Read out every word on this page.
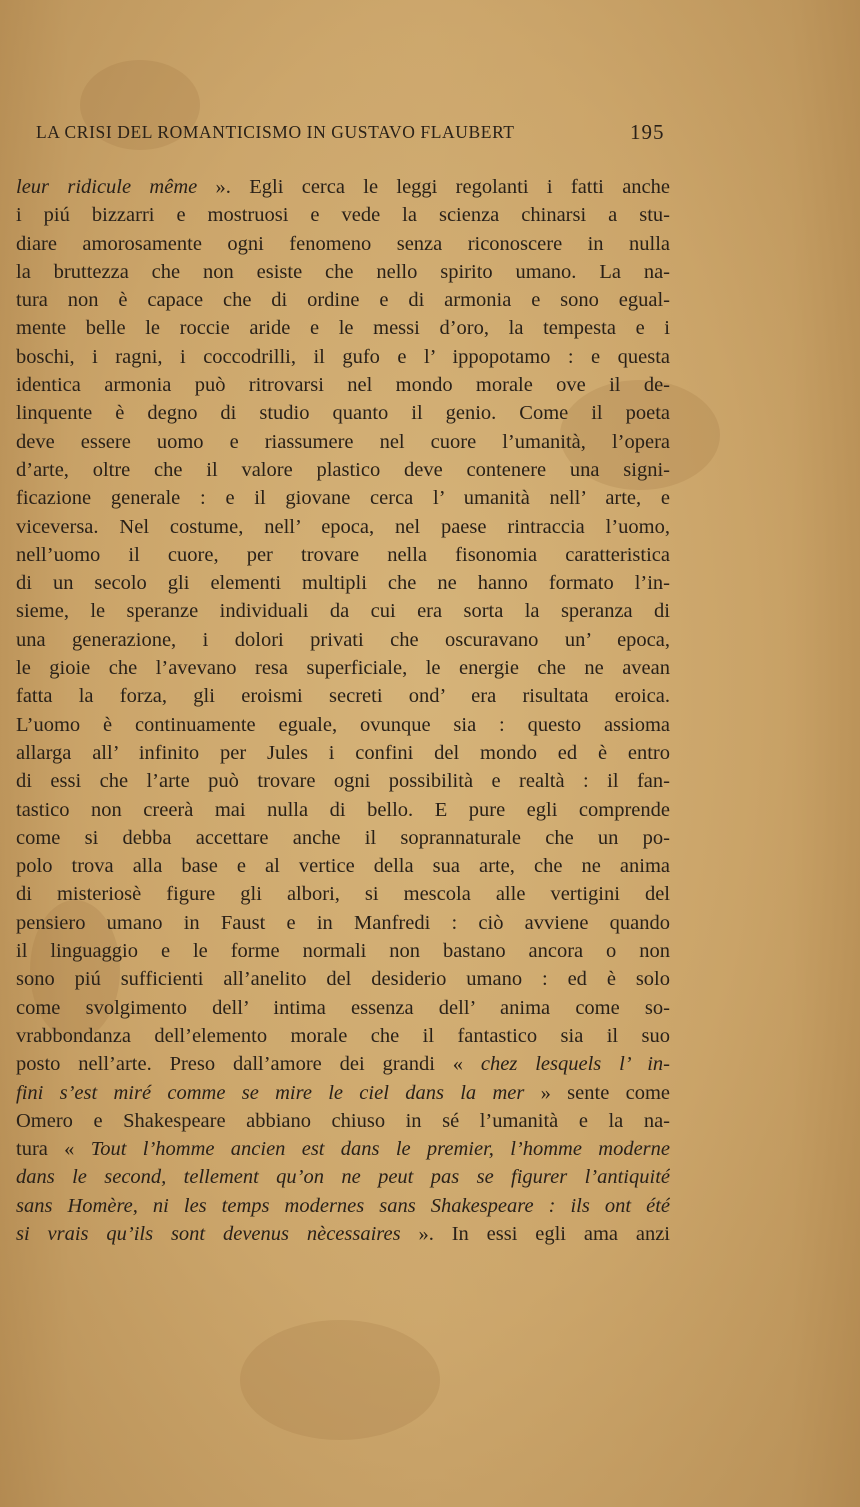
LA CRISI DEL ROMANTICISMO IN GUSTAVO FLAUBERT	195
leur ridicule même ». Egli cerca le leggi regolanti i fatti anche
i piú bizzarri e mostruosi e vede la scienza chinarsi a stu-
diare amorosamente ogni fenomeno senza riconoscere in nulla
la bruttezza che non esiste che nello spirito umano. La na-
tura non è capace che di ordine e di armonia e sono egual-
mente belle le roccie aride e le messi d’oro, la tempesta e i
boschi, i ragni, i coccodrilli, il gufo e l’ ippopotamo : e questa
identica armonia può ritrovarsi nel mondo morale ove il de-
linquente è degno di studio quanto il genio. Come il poeta
deve essere uomo e riassumere nel cuore l’umanità, l’opera
d’arte, oltre che il valore plastico deve contenere una signi-
ficazione generale : e il giovane cerca l’ umanità nell’ arte, e
viceversa. Nel costume, nell’ epoca, nel paese rintraccia l’uomo,
nell’uomo il cuore, per trovare nella fisonomia caratteristica
di un secolo gli elementi multipli che ne hanno formato l’in-
sieme, le speranze individuali da cui era sorta la speranza di
una generazione, i dolori privati che oscuravano un’ epoca,
le gioie che l’avevano resa superficiale, le energie che ne avean
fatta la forza, gli eroismi secreti ond’ era risultata eroica.
L’uomo è continuamente eguale, ovunque sia : questo assioma
allarga all’ infinito per Jules i confini del mondo ed è entro
di essi che l’arte può trovare ogni possibilità e realtà : il fan-
tastico non creerà mai nulla di bello. E pure egli comprende
come si debba accettare anche il soprannaturale che un po-
polo trova alla base e al vertice della sua arte, che ne anima
di misteriosè figure gli albori, si mescola alle vertigini del
pensiero umano in Faust e in Manfredi : ciò avviene quando
il linguaggio e le forme normali non bastano ancora o non
sono piú sufficienti all’anelito del desiderio umano : ed è solo
come svolgimento dell’ intima essenza dell’ anima come so-
vrabbondanza dell’elemento morale che il fantastico sia il suo
posto nell’arte. Preso dall’amore dei grandi « chez lesquels l’ in-
fini s’est miré comme se mire le ciel dans la mer » sente come
Omero e Shakespeare abbiano chiuso in sé l’umanità e la na-
tura « Tout l’homme ancien est dans le premier, l’homme moderne
dans le second, tellement qu’on ne peut pas se figurer l’antiquité
sans Homère, ni les temps modernes sans Shakespeare : ils ont été
si vrais qu’ils sont devenus nècessaires ». In essi egli ama anzi
